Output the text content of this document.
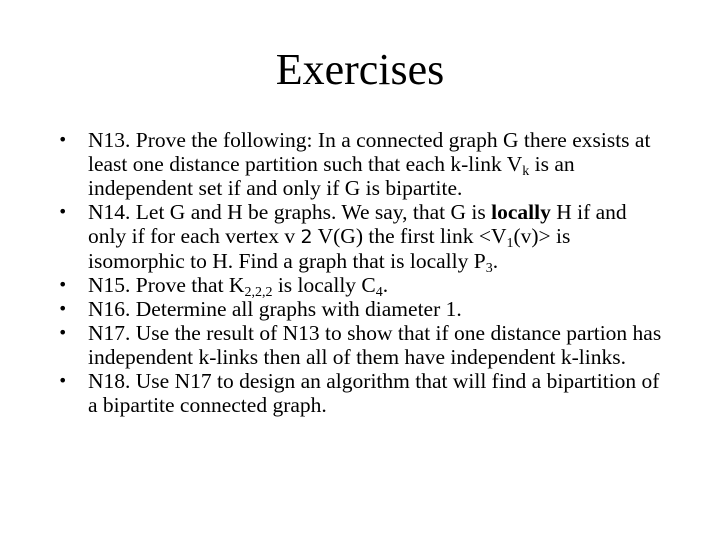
Exercises
• N13. Prove the following: In a connected graph G there exsists at least one distance partition such that each k-link $V_k$ is an independent set if and only if G is bipartite.
• N14. Let G and H be graphs. We say, that G is locally H if and only if for each vertex v 2 V(G) the first link $<V_1(v)>$ is isomorphic to H. Find a graph that is locally $P_3$.
• N15. Prove that $K_{2,2,2}$ is locally $C_4$.
• N16. Determine all graphs with diameter 1.
• N17. Use the result of N13 to show that if one distance partion has independent k-links then all of them have independent k-links.
• N18. Use N17 to design an algorithm that will find a bipartition of a bipartite connected graph.
